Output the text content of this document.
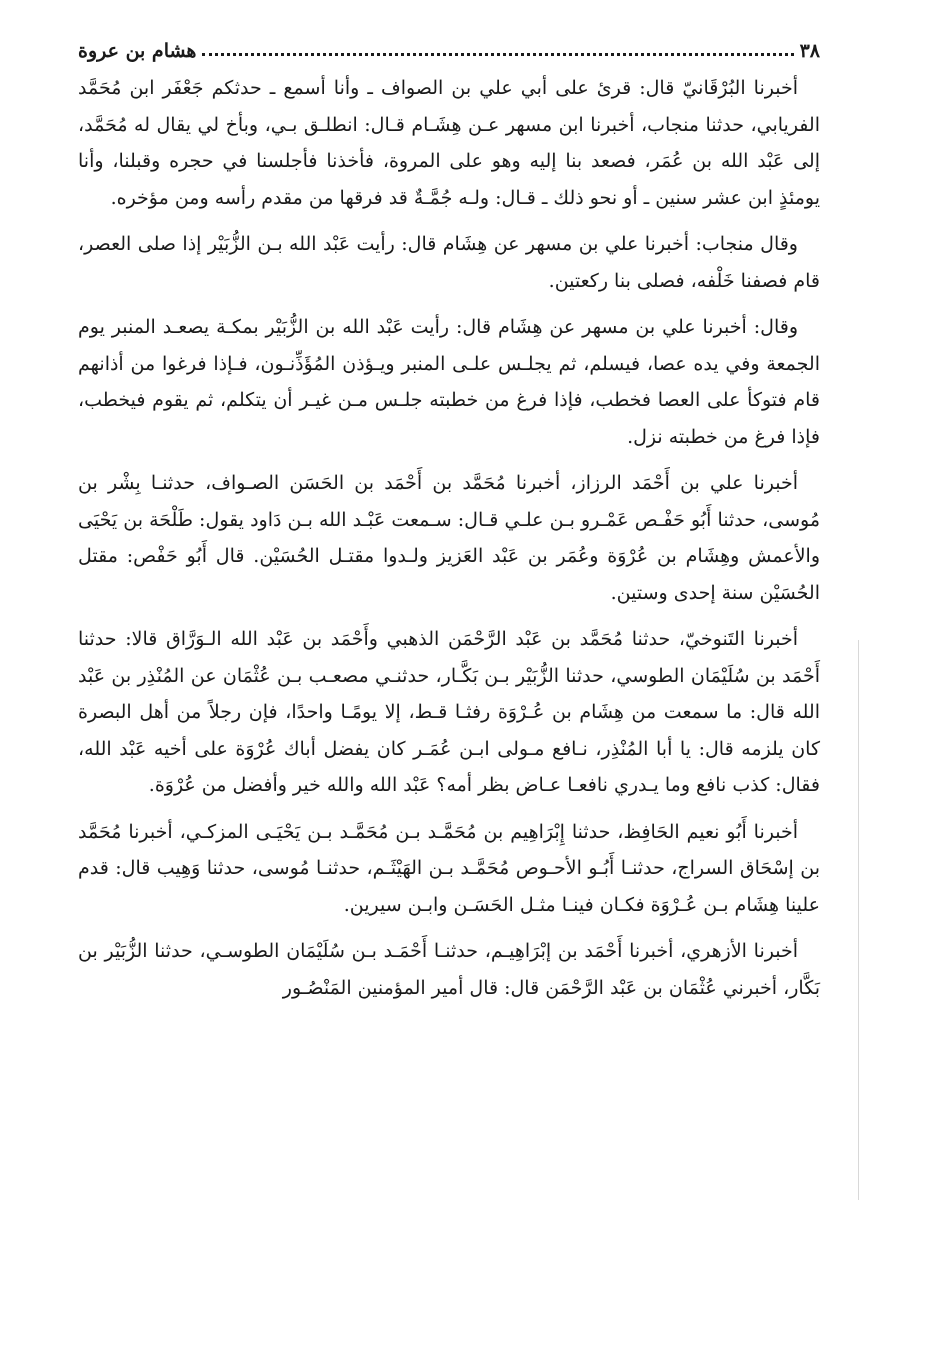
٣٨
هشام بن عروة

أخبرنا البُرْقَانيّ قال: قرئ على أبي علي بن الصواف ـ وأنا أسمع ـ حدثكم جَعْفَر ابن مُحَمَّد الفريابي، حدثنا منجاب، أخبرنا ابن مسهر عـن هِشَـام قـال: انطلـق بـي، وبأخ لي يقال له مُحَمَّد، إلى عَبْد الله بن عُمَر، فصعد بنا إليه وهو على المروة، فأخذنا فأجلسنا في حجره وقبلنا، وأنا يومئذٍ ابن عشر سنين ـ أو نحو ذلك ـ قـال: ولـه جُمَّـةٌ قد فرقها من مقدم رأسه ومن مؤخره.

وقال منجاب: أخبرنا علي بن مسهر عن هِشَام قال: رأيت عَبْد الله بـن الزُّبَيْر إذا صلى العصر، قام فصفنا خَلْفه، فصلى بنا ركعتين.

وقال: أخبرنا علي بن مسهر عن هِشَام قال: رأيت عَبْد الله بن الزُّبَيْر بمكـة يصعـد المنبر يوم الجمعة وفي يده عصا، فيسلم، ثم يجلـس علـى المنبر ويـؤذن المُؤَذِّنـون، فـإذا فرغوا من أذانهم قام فتوكأ على العصا فخطب، فإذا فرغ من خطبته جلـس مـن غيـر أن يتكلم، ثم يقوم فيخطب، فإذا فرغ من خطبته نزل.

أخبرنا علي بن أَحْمَد الرزاز، أخبرنا مُحَمَّد بن أَحْمَد بن الحَسَن الصـواف، حدثنـا بِشْر بن مُوسى، حدثنا أَبُو حَفْـص عَمْـرو بـن علـي قـال: سـمعت عَبْـد الله بـن دَاود يقول: طَلْحَة بن يَحْيَى والأعمش وهِشَام بن عُرْوَة وعُمَر بن عَبْد العَزيز ولـدوا مقتـل الحُسَيْن. قال أَبُو حَفْص: مقتل الحُسَيْن سنة إحدى وستين.

أخبرنا التَنوخيّ، حدثنا مُحَمَّد بن عَبْد الرَّحْمَن الذهبي وأَحْمَد بن عَبْد الله الـوَرَّاق قالا: حدثنا أَحْمَد بن سُلَيْمَان الطوسي، حدثنا الزُّبَيْر بـن بَكَّـار، حدثنـي مصعـب بـن عُثْمَان عن المُنْذِر بن عَبْد الله قال: ما سمعت من هِشَام بن عُـرْوَة رفثـا قـط، إلا يومًـا واحدًا، فإن رجلاً من أهل البصرة كان يلزمه قال: يا أبا المُنْذِر، نـافع مـولى ابـن عُمَـر كان يفضل أباك عُرْوَة على أخيه عَبْد الله، فقال: كذب نافع وما يـدري نافعـا عـاض بظر أمه؟ عَبْد الله والله خير وأفضل من عُرْوَة.

أخبرنا أَبُو نعيم الحَافِظ، حدثنا إِبْرَاهِيم بن مُحَمَّـد بـن مُحَمَّـد بـن يَحْيَـى المزكـي، أخبرنا مُحَمَّد بن إسْحَاق السراج، حدثنـا أَبُـو الأحـوص مُحَمَّـد بـن الهَيْثَـم، حدثنـا مُوسى، حدثنا وَهِيب قال: قدم علينا هِشَام بـن عُـرْوَة فكـان فينـا مثـل الحَسَـن وابـن سيرين.

أخبرنا الأزهري، أخبرنا أَحْمَد بن إبْرَاهِيـم، حدثنـا أَحْمَـد بـن سُلَيْمَان الطوسـي، حدثنا الزُّبَيْر بن بَكَّار، أخبرني عُثْمَان بن عَبْد الرَّحْمَن قال: قال أمير المؤمنين المَنْصُـور
